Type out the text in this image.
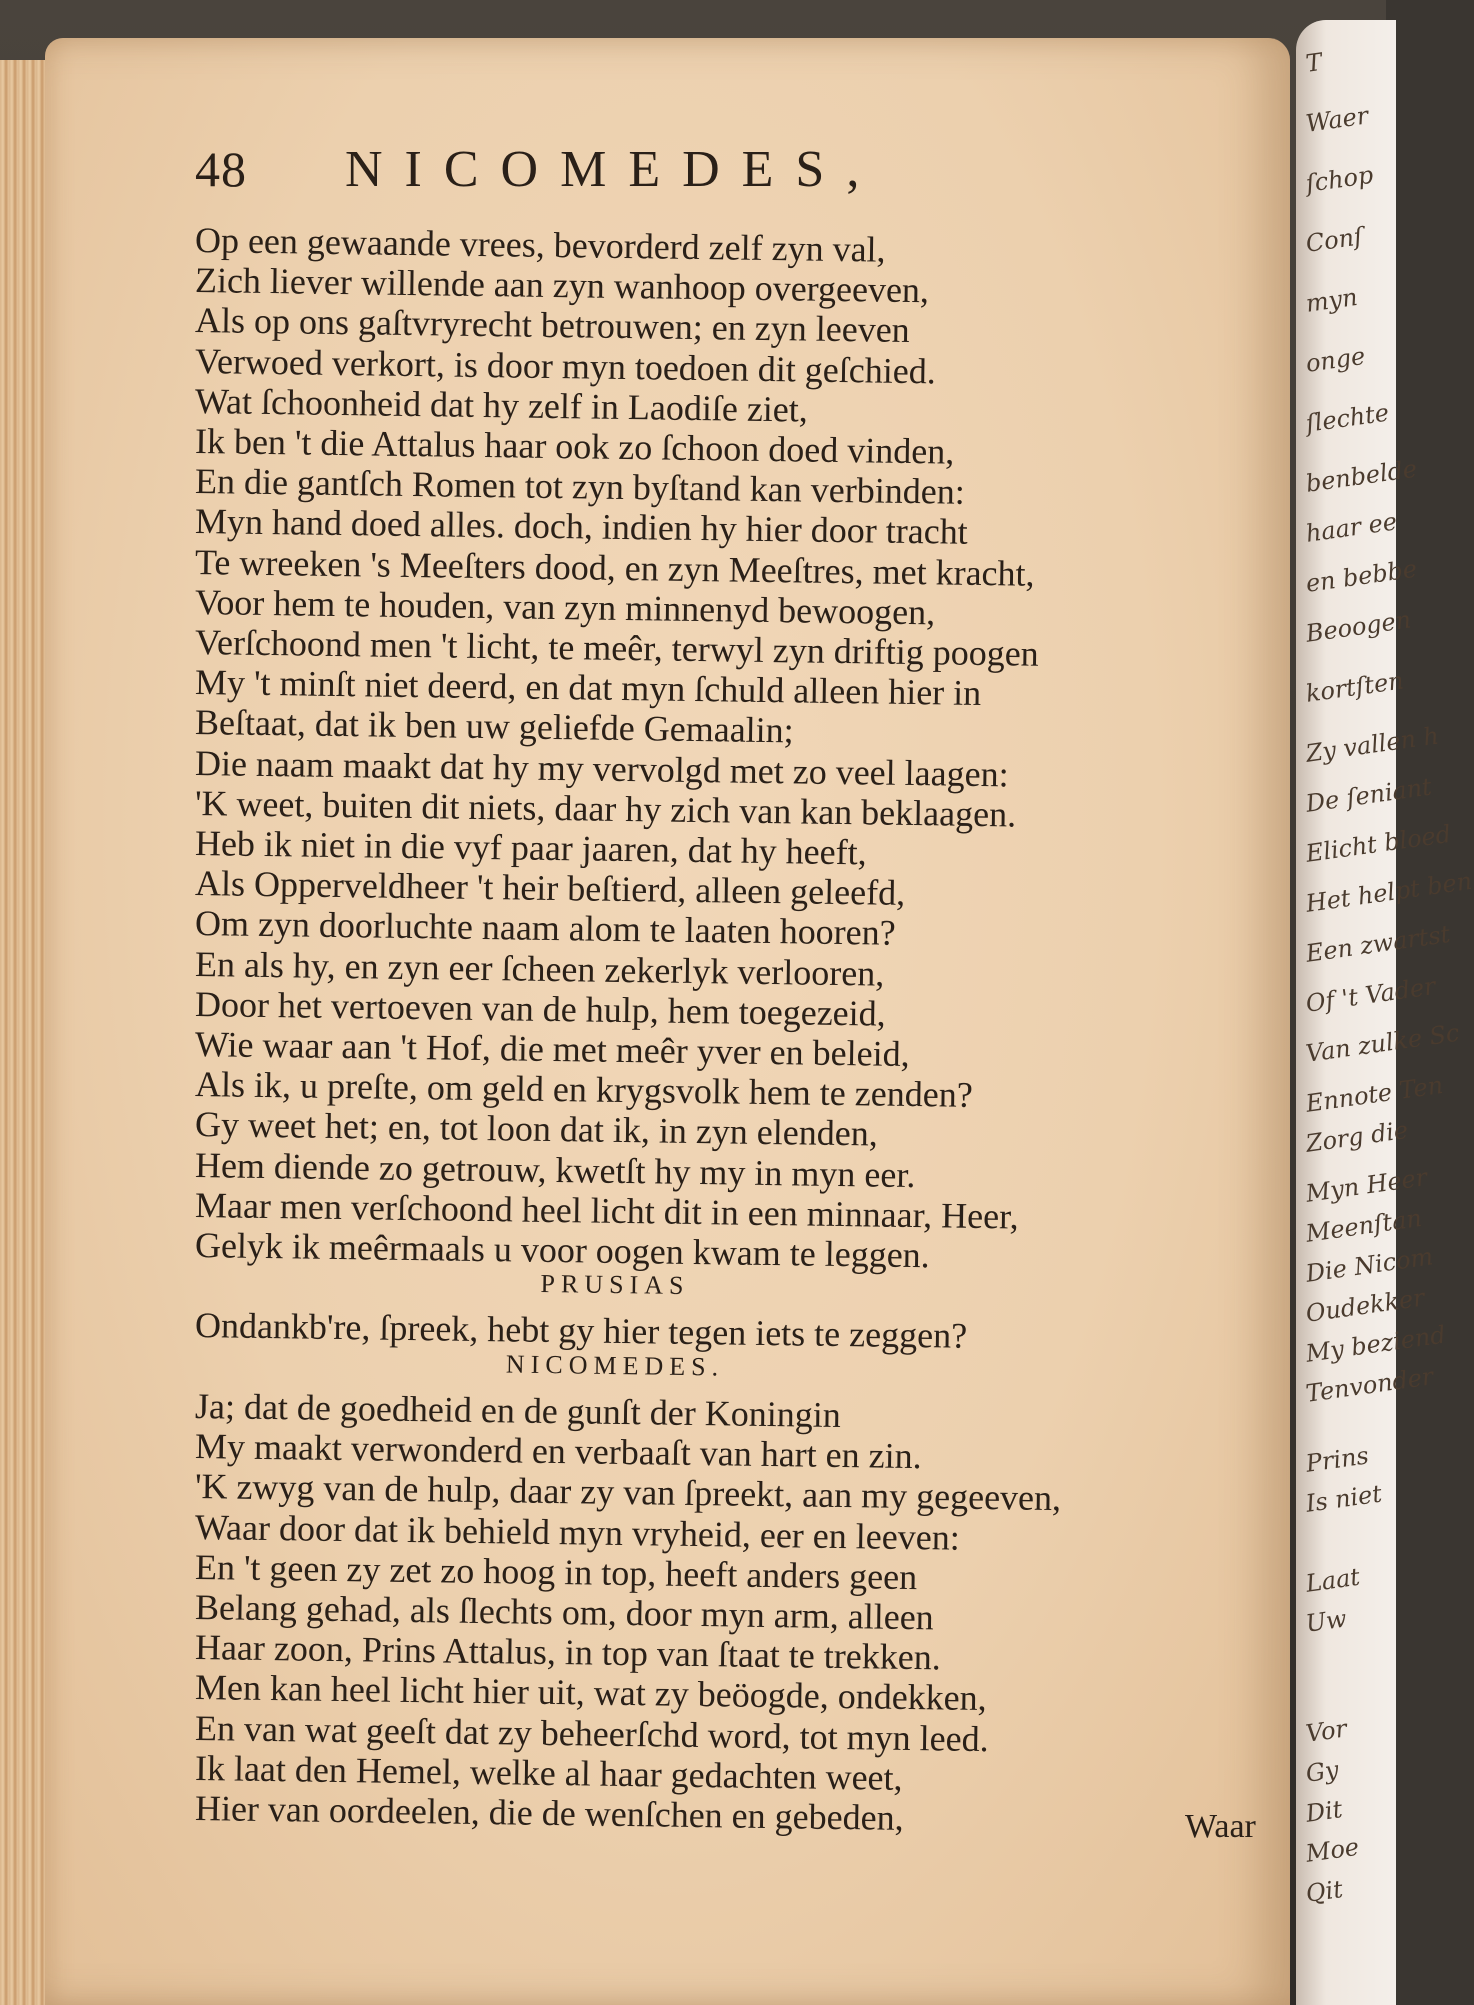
T
Waer
ſchop
Conſ
myn
onge
ſlechte
benbelde
haar ee
en bebbe
Beoogen
kortſten
Zy vallen h
De ſeniant
Elicht bloed
Het helpt ben
Een zwartst
Of 't Vader
Van zulke Sc
Ennote Ten
Zorg die
Myn Heer
Meenſtan
Die Nicom
Oudekker
My beziend
Tenvonder
Prins
Is niet
Laat
Uw
Vor
Gy
Dit
Moe
Qit
48 NICOMEDES,
Op een gewaande vrees, bevorderd zelf zyn val,
Zich liever willende aan zyn wanhoop overgeeven,
Als op ons gaſtvryrecht betrouwen; en zyn leeven
Verwoed verkort, is door myn toedoen dit geſchied.
Wat ſchoonheid dat hy zelf in Laodiſe ziet,
Ik ben 't die Attalus haar ook zo ſchoon doed vinden,
En die gantſch Romen tot zyn byſtand kan verbinden:
Myn hand doed alles. doch, indien hy hier door tracht
Te wreeken 's Meeſters dood, en zyn Meeſtres, met kracht,
Voor hem te houden, van zyn minnenyd bewoogen,
Verſchoond men 't licht, te meêr, terwyl zyn driftig poogen
My 't minſt niet deerd, en dat myn ſchuld alleen hier in
Beſtaat, dat ik ben uw geliefde Gemaalin;
Die naam maakt dat hy my vervolgd met zo veel laagen:
'K weet, buiten dit niets, daar hy zich van kan beklaagen.
Heb ik niet in die vyf paar jaaren, dat hy heeft,
Als Opperveldheer 't heir beſtierd, alleen geleefd,
Om zyn doorluchte naam alom te laaten hooren?
En als hy, en zyn eer ſcheen zekerlyk verlooren,
Door het vertoeven van de hulp, hem toegezeid,
Wie waar aan 't Hof, die met meêr yver en beleid,
Als ik, u preſte, om geld en krygsvolk hem te zenden?
Gy weet het; en, tot loon dat ik, in zyn elenden,
Hem diende zo getrouw, kwetſt hy my in myn eer.
Maar men verſchoond heel licht dit in een minnaar, Heer,
Gelyk ik meêrmaals u voor oogen kwam te leggen.
PRUSIAS
Ondankb're, ſpreek, hebt gy hier tegen iets te zeggen?
NICOMEDES.
Ja; dat de goedheid en de gunſt der Koningin
My maakt verwonderd en verbaaſt van hart en zin.
'K zwyg van de hulp, daar zy van ſpreekt, aan my gegeeven,
Waar door dat ik behield myn vryheid, eer en leeven:
En 't geen zy zet zo hoog in top, heeft anders geen
Belang gehad, als ſlechts om, door myn arm, alleen
Haar zoon, Prins Attalus, in top van ſtaat te trekken.
Men kan heel licht hier uit, wat zy beöogde, ondekken,
En van wat geeſt dat zy beheerſchd word, tot myn leed.
Ik laat den Hemel, welke al haar gedachten weet,
Hier van oordeelen, die de wenſchen en gebeden,	Waar
